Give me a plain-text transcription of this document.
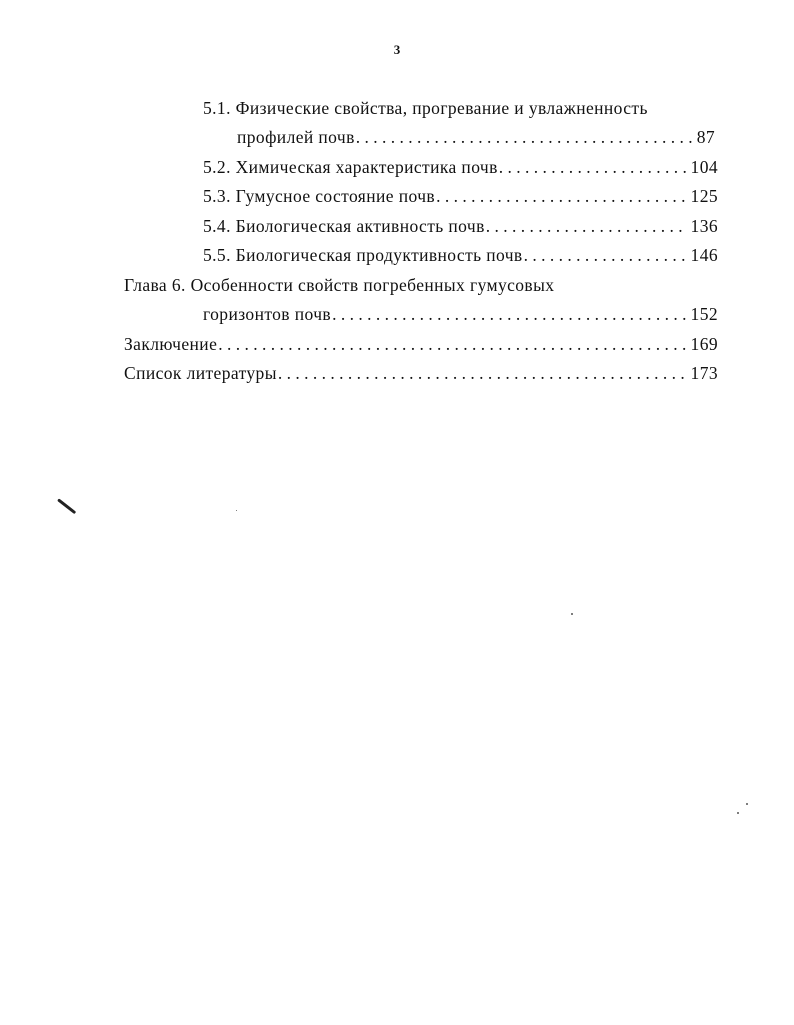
3
5.1. Физические свойства, прогревание и увлажненность
профилей почв . . .	87
5.2. Химическая характеристика почв . . .	104
5.3. Гумусное состояние почв . . .	125
5.4. Биологическая активность почв . . .	136
5.5. Биологическая продуктивность почв . . .	146
Глава 6. Особенности свойств погребенных гумусовых
горизонтов почв . . .	152
Заключение . . .	169
Список литературы . . .	173
